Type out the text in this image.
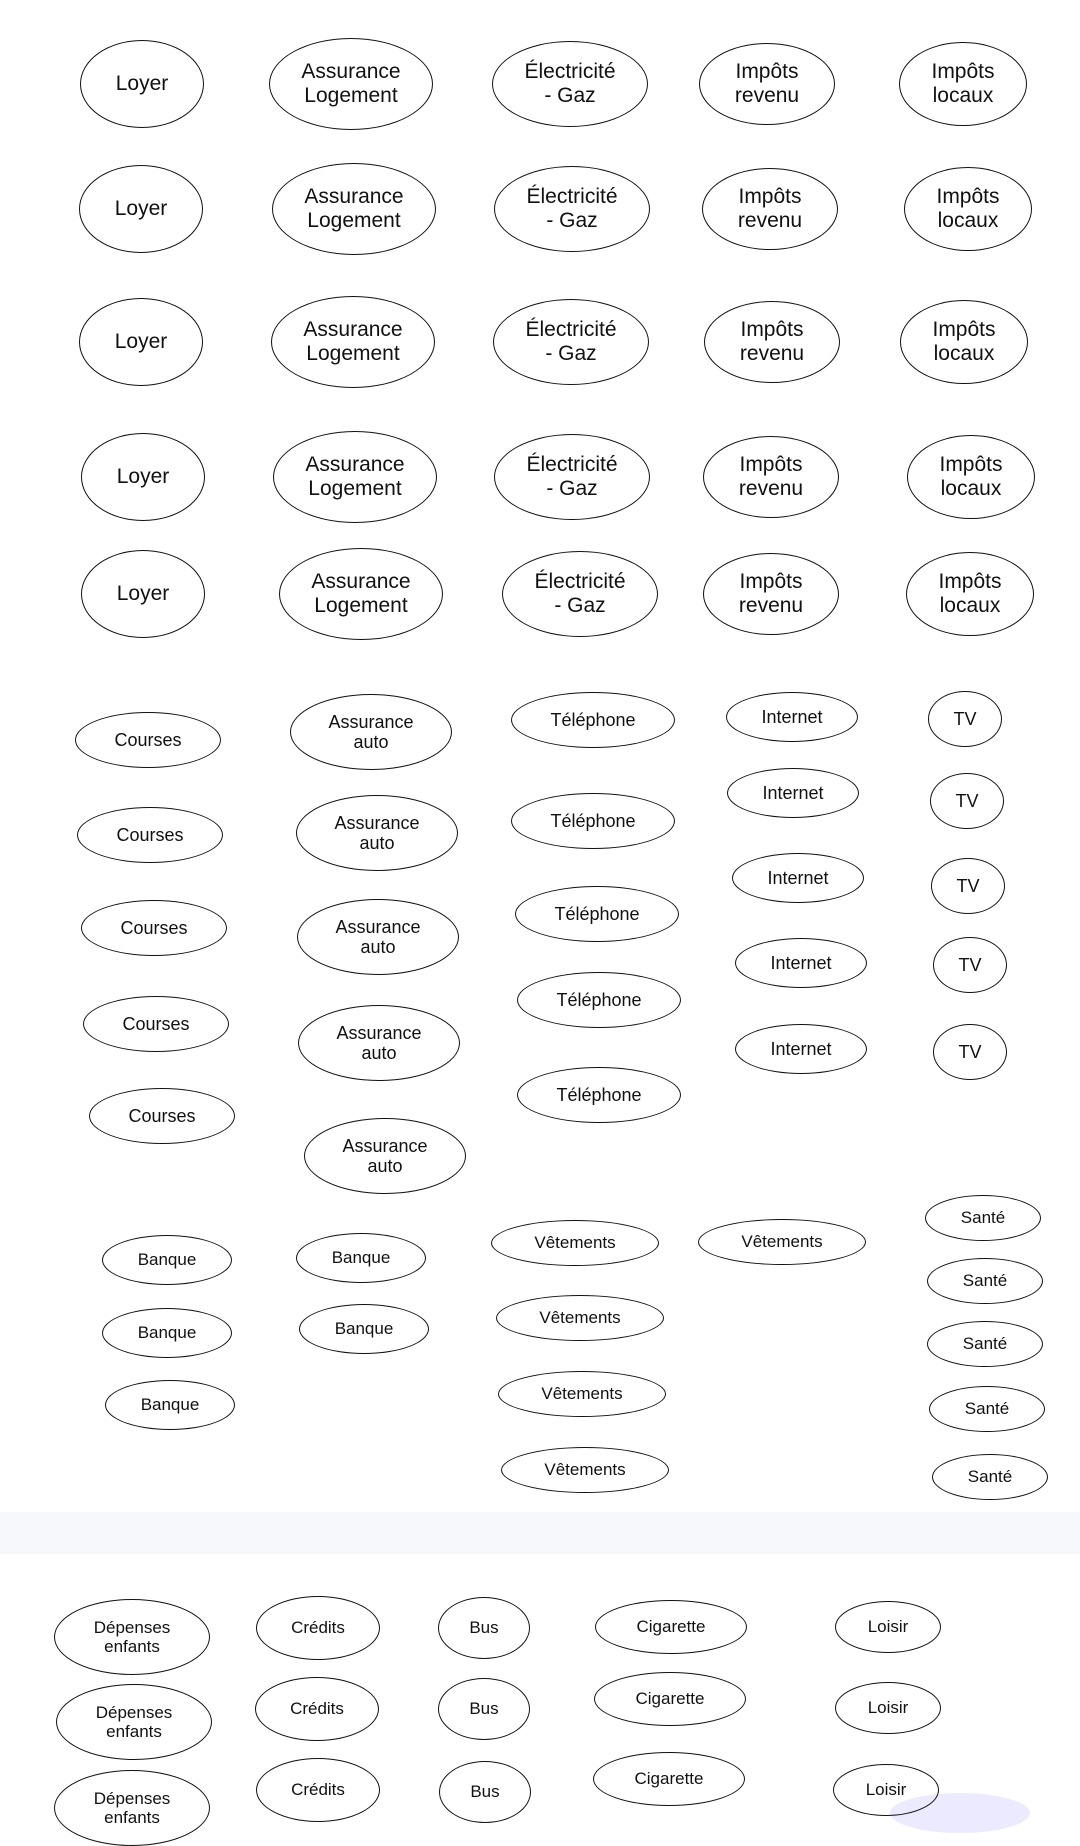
Loyer
Assurance
Logement
Électricité
- Gaz
Impôts
revenu
Impôts
locaux
Loyer
Assurance
Logement
Électricité
- Gaz
Impôts
revenu
Impôts
locaux
Loyer
Assurance
Logement
Électricité
- Gaz
Impôts
revenu
Impôts
locaux
Loyer
Assurance
Logement
Électricité
- Gaz
Impôts
revenu
Impôts
locaux
Loyer
Assurance
Logement
Électricité
- Gaz
Impôts
revenu
Impôts
locaux
Courses
Courses
Courses
Courses
Courses
Assurance
auto
Assurance
auto
Assurance
auto
Assurance
auto
Assurance
auto
Téléphone
Téléphone
Téléphone
Téléphone
Téléphone
Internet
Internet
Internet
Internet
Internet
TV
TV
TV
TV
TV
Banque
Banque
Banque
Banque
Banque
Vêtements
Vêtements
Vêtements
Vêtements
Vêtements
Santé
Santé
Santé
Santé
Santé
Dépenses
enfants
Dépenses
enfants
Dépenses
enfants
Crédits
Crédits
Crédits
Bus
Bus
Bus
Cigarette
Cigarette
Cigarette
Loisir
Loisir
Loisir
